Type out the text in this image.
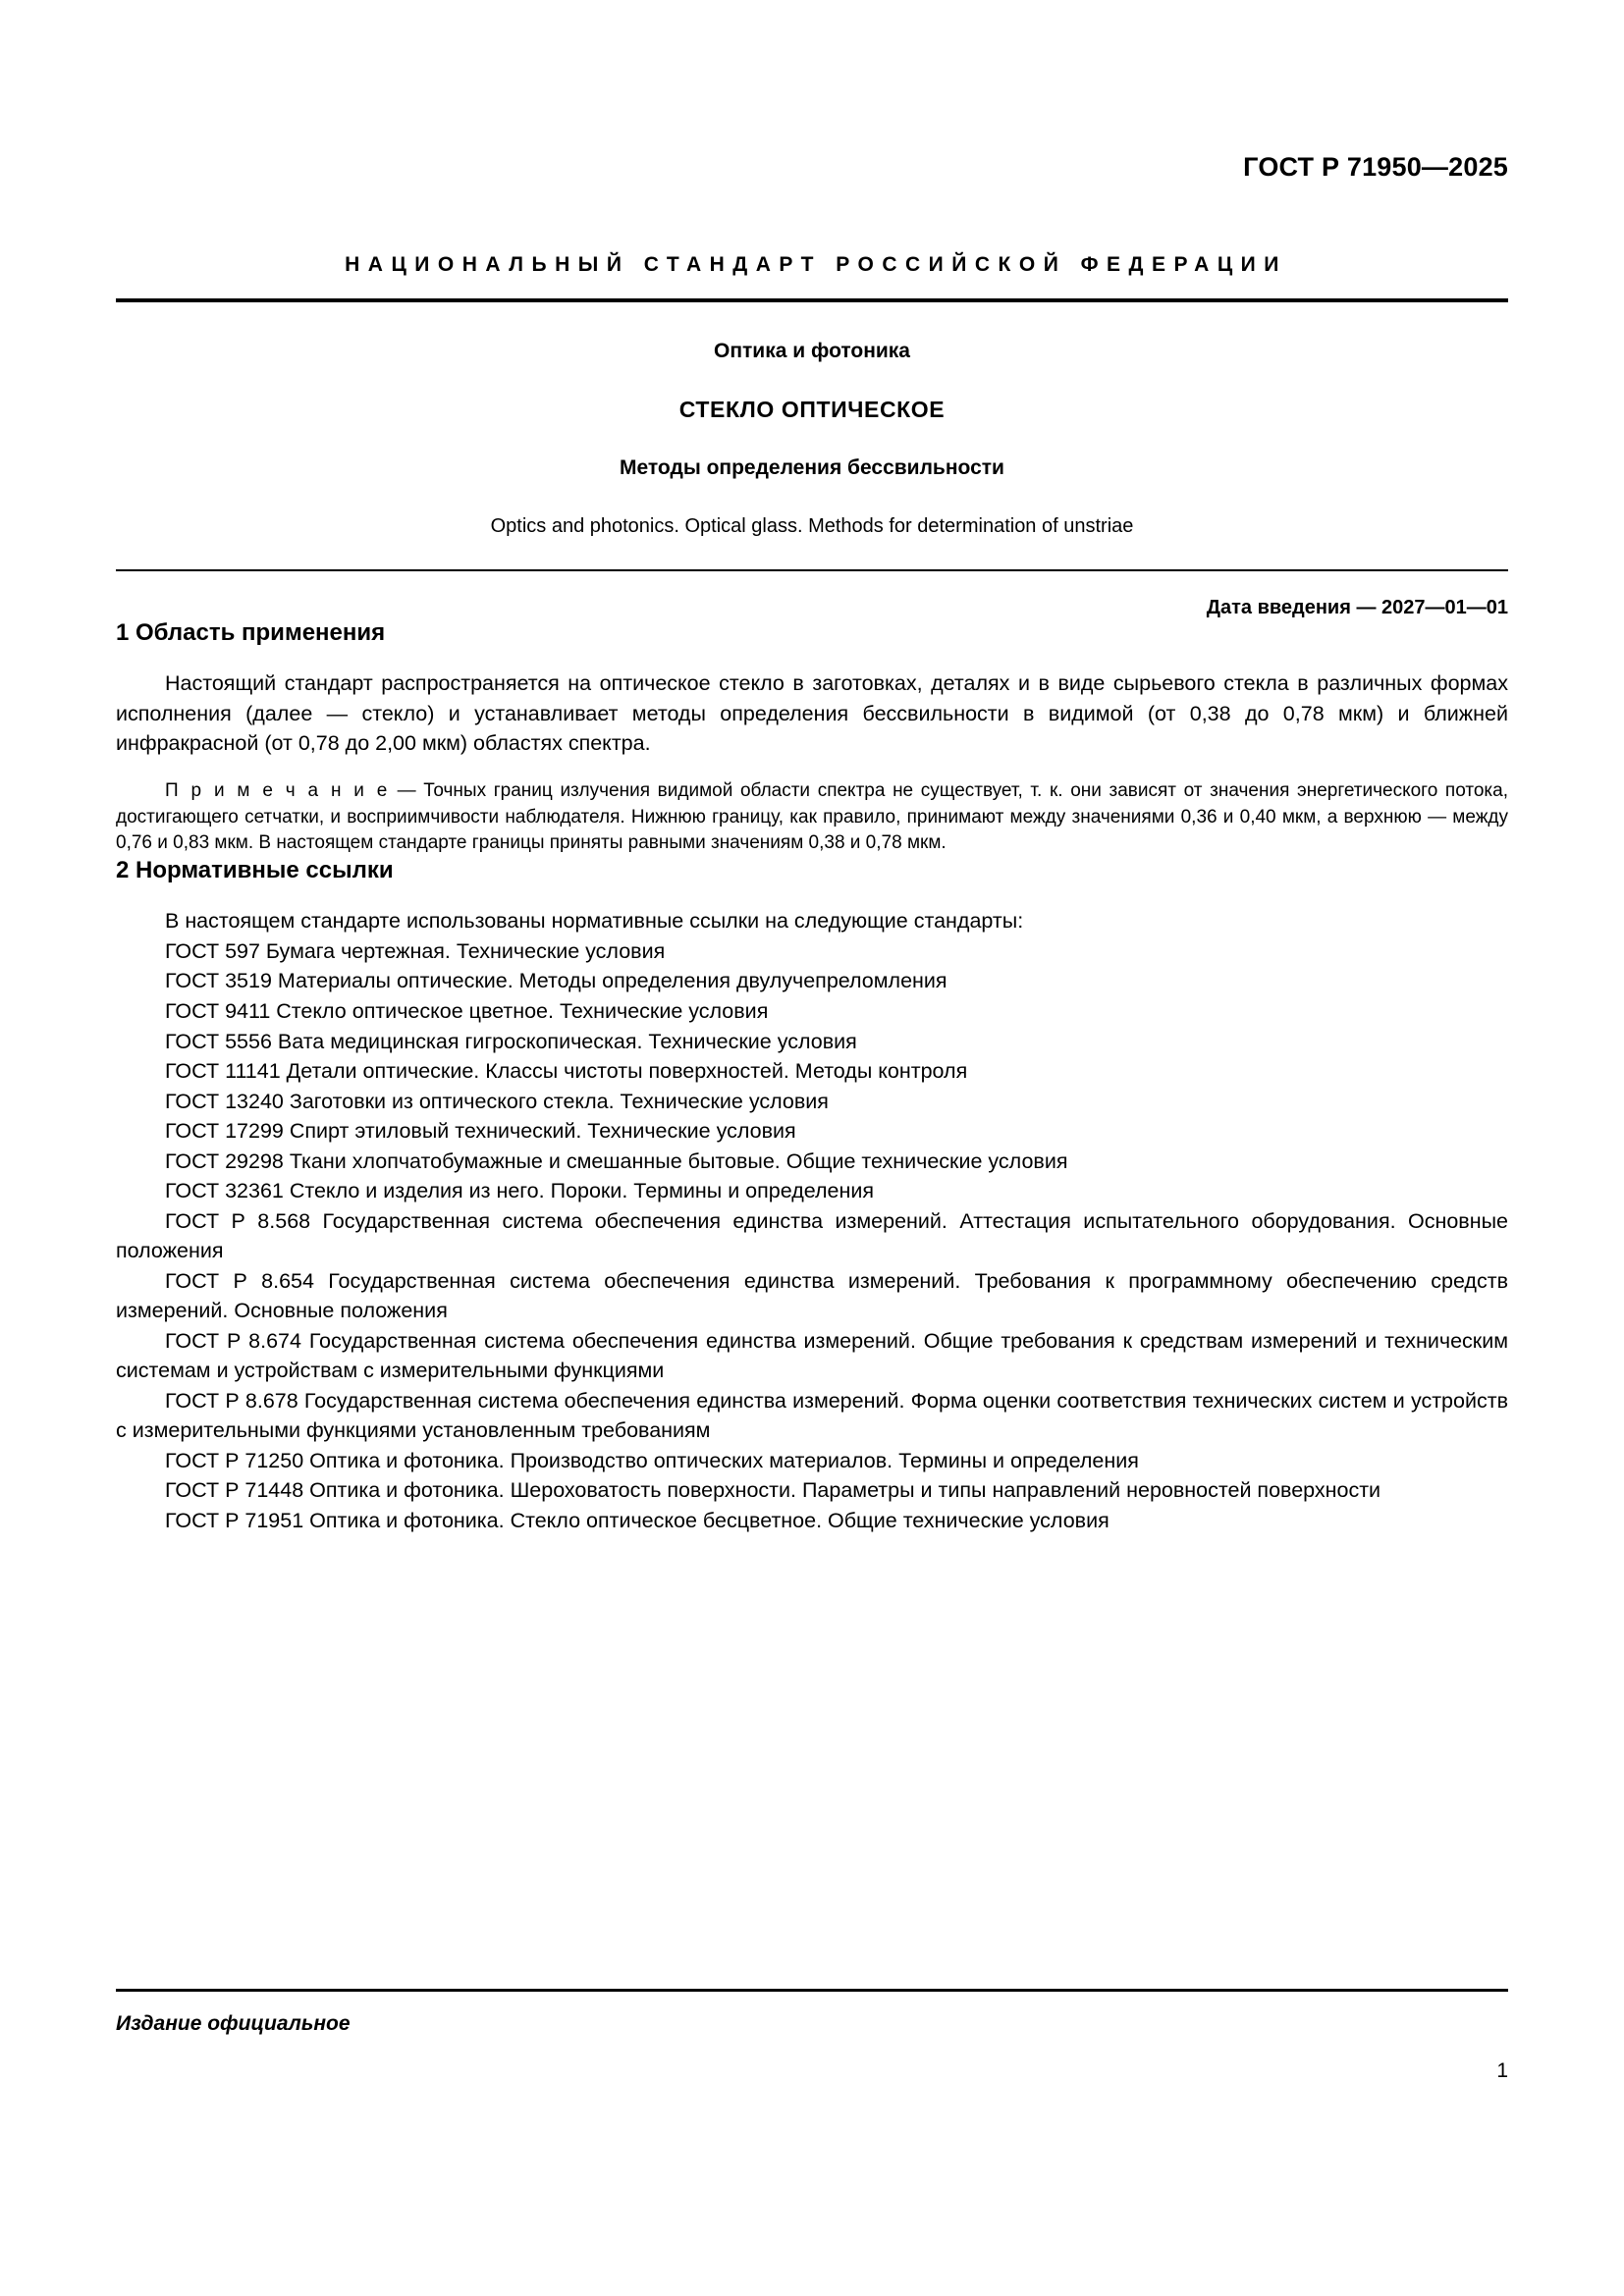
ГОСТ Р 71950—2025
НАЦИОНАЛЬНЫЙ СТАНДАРТ РОССИЙСКОЙ ФЕДЕРАЦИИ
Оптика и фотоника
СТЕКЛО ОПТИЧЕСКОЕ
Методы определения бессвильности
Optics and photonics. Optical glass. Methods for determination of unstriae
Дата введения — 2027—01—01
1 Область применения

Настоящий стандарт распространяется на оптическое стекло в заготовках, деталях и в виде сырьевого стекла в различных формах исполнения (далее — стекло) и устанавливает методы определения бессвильности в видимой (от 0,38 до 0,78 мкм) и ближней инфракрасной (от 0,78 до 2,00 мкм) областях спектра.

П р и м е ч а н и е — Точных границ излучения видимой области спектра не существует, т. к. они зависят от значения энергетического потока, достигающего сетчатки, и восприимчивости наблюдателя. Нижнюю границу, как правило, принимают между значениями 0,36 и 0,40 мкм, а верхнюю — между 0,76 и 0,83 мкм. В настоящем стандарте границы приняты равными значениям 0,38 и 0,78 мкм.

2 Нормативные ссылки

В настоящем стандарте использованы нормативные ссылки на следующие стандарты:

ГОСТ 597 Бумага чертежная. Технические условия

ГОСТ 3519 Материалы оптические. Методы определения двулучепреломления

ГОСТ 9411 Стекло оптическое цветное. Технические условия

ГОСТ 5556 Вата медицинская гигроскопическая. Технические условия

ГОСТ 11141 Детали оптические. Классы чистоты поверхностей. Методы контроля

ГОСТ 13240 Заготовки из оптического стекла. Технические условия

ГОСТ 17299 Спирт этиловый технический. Технические условия

ГОСТ 29298 Ткани хлопчатобумажные и смешанные бытовые. Общие технические условия

ГОСТ 32361 Стекло и изделия из него. Пороки. Термины и определения

ГОСТ Р 8.568 Государственная система обеспечения единства измерений. Аттестация испытательного оборудования. Основные положения

ГОСТ Р 8.654 Государственная система обеспечения единства измерений. Требования к программному обеспечению средств измерений. Основные положения

ГОСТ Р 8.674 Государственная система обеспечения единства измерений. Общие требования к средствам измерений и техническим системам и устройствам с измерительными функциями

ГОСТ Р 8.678 Государственная система обеспечения единства измерений. Форма оценки соответствия технических систем и устройств с измерительными функциями установленным требованиям

ГОСТ Р 71250 Оптика и фотоника. Производство оптических материалов. Термины и определения

ГОСТ Р 71448 Оптика и фотоника. Шероховатость поверхности. Параметры и типы направлений неровностей поверхности

ГОСТ Р 71951 Оптика и фотоника. Стекло оптическое бесцветное. Общие технические условия

Издание официальное
1
